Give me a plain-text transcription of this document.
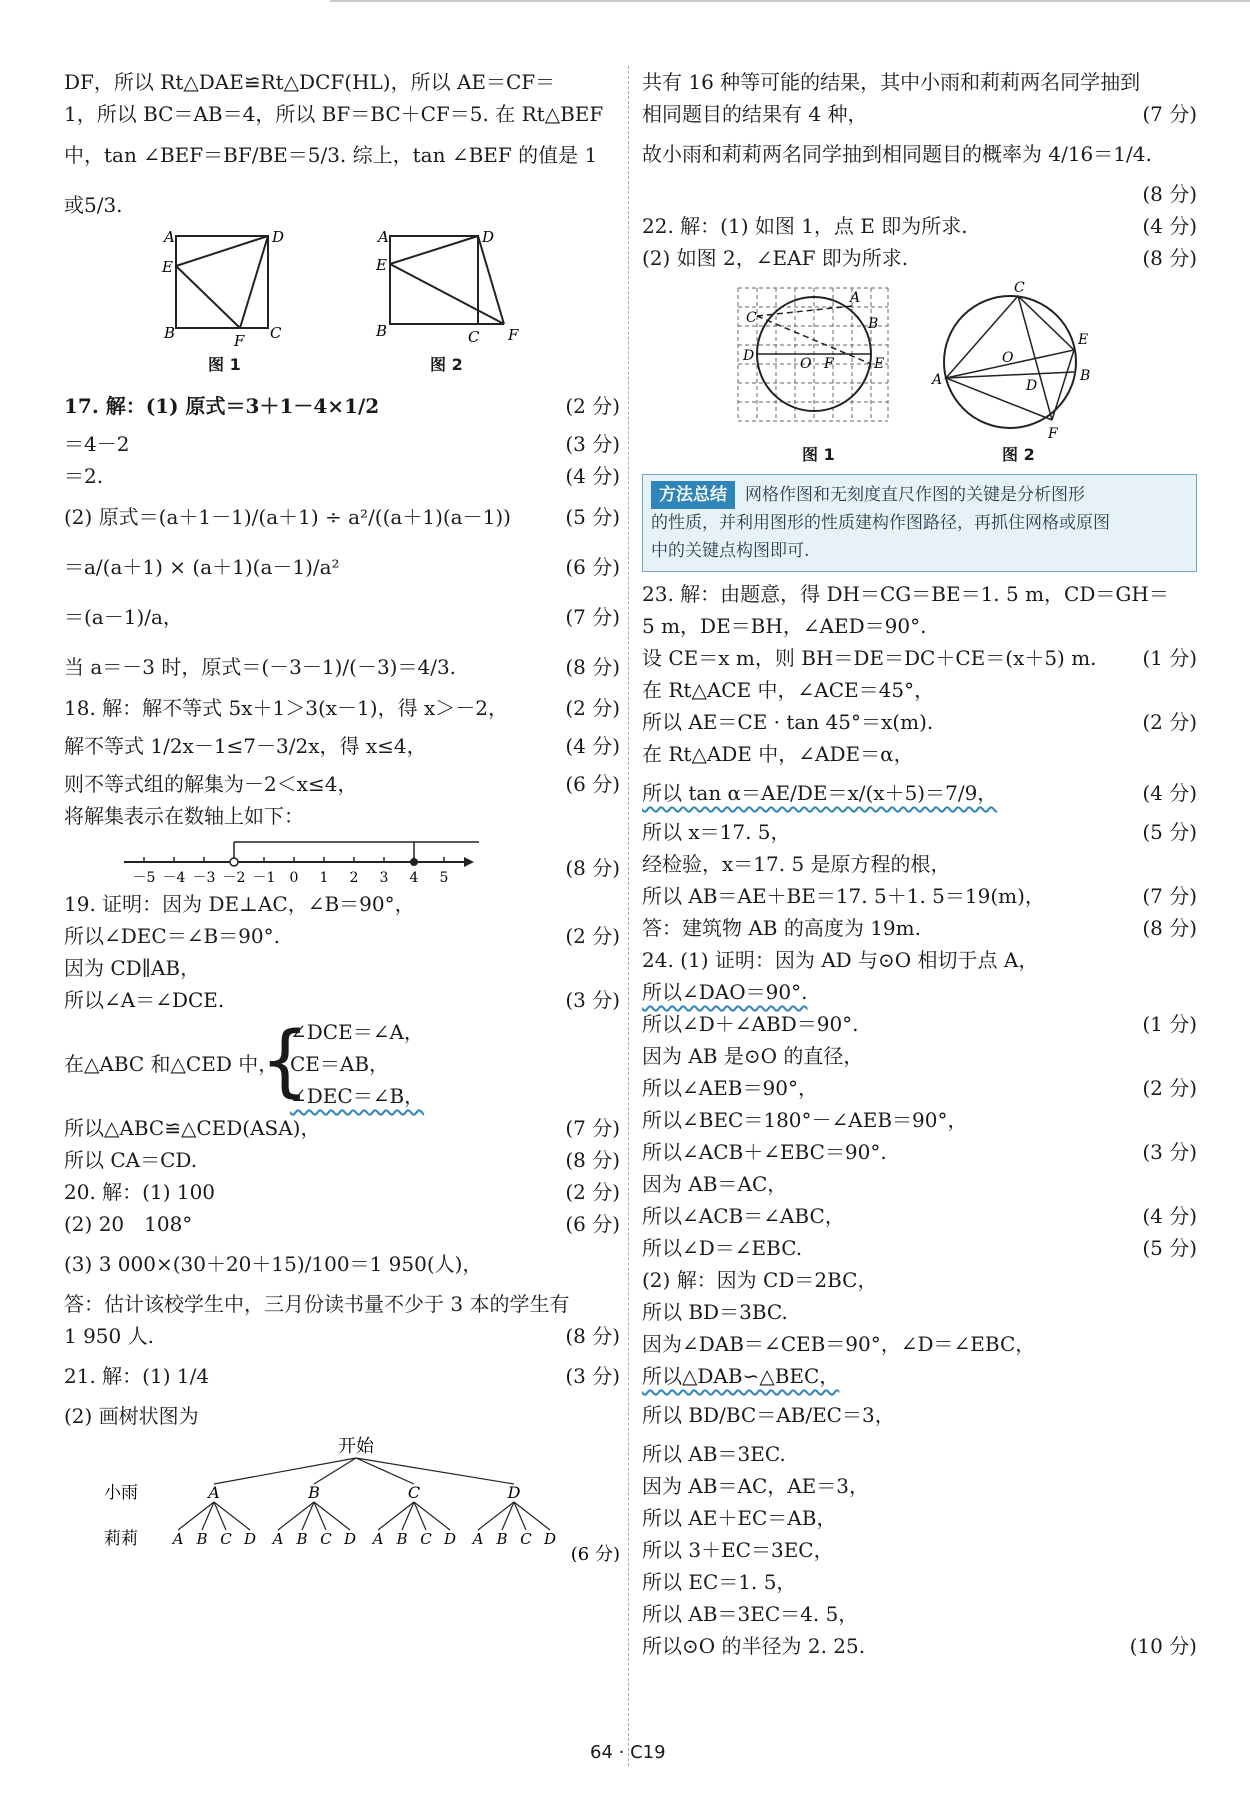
DF，所以 Rt△DAE≌Rt△DCF(HL)，所以 AE＝CF＝
1，所以 BC＝AB＝4，所以 BF＝BC＋CF＝5. 在 Rt△BEF
中，tan ∠BEF＝BF/BE＝5/3. 综上，tan ∠BEF 的值是 1
或5/3.
A	D
E
B	C
F
A	D
E
B	C F
图 1	图 2
17. 解：(1) 原式＝3＋1－4×1/2	(2 分)
＝4－2	(3 分)
＝2.	(4 分)
(2) 原式＝(a＋1－1)/(a＋1) ÷ a²/((a＋1)(a－1))	(5 分)
＝a/(a＋1) × (a＋1)(a－1)/a²	(6 分)
＝(a－1)/a，	(7 分)
当 a＝－3 时，原式＝(－3－1)/(－3)＝4/3.	(8 分)
18. 解：解不等式 5x＋1＞3(x－1)，得 x＞－2，	(2 分)
解不等式 1/2x－1≤7－3/2x，得 x≤4，	(4 分)
则不等式组的解集为－2＜x≤4，	(6 分)
将解集表示在数轴上如下：
－5 －4 －3 －2 －1 0 1 2 3 4 5	(8 分)
19. 证明：因为 DE⊥AC，∠B＝90°，
所以∠DEC＝∠B＝90°.	(2 分)
因为 CD∥AB，
所以∠A＝∠DCE.	(3 分)
在△ABC 和△CED 中，
{
∠DCE＝∠A，
CE＝AB，
∠DEC＝∠B，
所以△ABC≌△CED(ASA)，	(7 分)
所以 CA＝CD.	(8 分)
20. 解：(1) 100	(2 分)
(2) 20　108°	(6 分)
(3) 3 000×(30＋20＋15)/100＝1 950(人)，
答：估计该校学生中，三月份读书量不少于 3 本的学生有
1 950 人.	(8 分)
21. 解：(1) 1/4	(3 分)
(2) 画树状图为
开始
小雨
莉莉
A
A B C D
B
A B C D
C
A B C D
D
A B C D
(6 分)
共有 16 种等可能的结果，其中小雨和莉莉两名同学抽到
相同题目的结果有 4 种，	(7 分)
故小雨和莉莉两名同学抽到相同题目的概率为 4/16＝1/4.
(8 分)
22. 解：(1) 如图 1，点 E 即为所求.	(4 分)
(2) 如图 2，∠EAF 即为所求.	(8 分)
A
C	B
D	O F	E
C
E
O
B
A	D
F
图 1	图 2
方法总结 网格作图和无刻度直尺作图的关键是分析图形
的性质，并利用图形的性质建构作图路径，再抓住网格或原图
中的关键点构图即可.
23. 解：由题意，得 DH＝CG＝BE＝1. 5 m，CD＝GH＝
5 m，DE＝BH，∠AED＝90°.
设 CE＝x m，则 BH＝DE＝DC＋CE＝(x＋5) m. (1 分)
在 Rt△ACE 中，∠ACE＝45°，
所以 AE＝CE · tan 45°＝x(m).	(2 分)
在 Rt△ADE 中，∠ADE＝α，
所以 tan α＝AE/DE＝x/(x＋5)＝7/9，	(4 分)
所以 x＝17. 5，	(5 分)
经检验，x＝17. 5 是原方程的根，
所以 AB＝AE＋BE＝17. 5＋1. 5＝19(m)，	(7 分)
答：建筑物 AB 的高度为 19m.	(8 分)
24. (1) 证明：因为 AD 与⊙O 相切于点 A，
所以∠DAO＝90°.
所以∠D＋∠ABD＝90°.	(1 分)
因为 AB 是⊙O 的直径，
所以∠AEB＝90°，	(2 分)
所以∠BEC＝180°－∠AEB＝90°，
所以∠ACB＋∠EBC＝90°.	(3 分)
因为 AB＝AC，
所以∠ACB＝∠ABC，	(4 分)
所以∠D＝∠EBC.	(5 分)
(2) 解：因为 CD＝2BC，
所以 BD＝3BC.
因为∠DAB＝∠CEB＝90°，∠D＝∠EBC，
所以△DAB∽△BEC，
所以 BD/BC＝AB/EC＝3，
所以 AB＝3EC.
因为 AB＝AC，AE＝3，
所以 AE＋EC＝AB，
所以 3＋EC＝3EC，
所以 EC＝1. 5，
所以 AB＝3EC＝4. 5，
所以⊙O 的半径为 2. 25.	(10 分)
64 · C19
